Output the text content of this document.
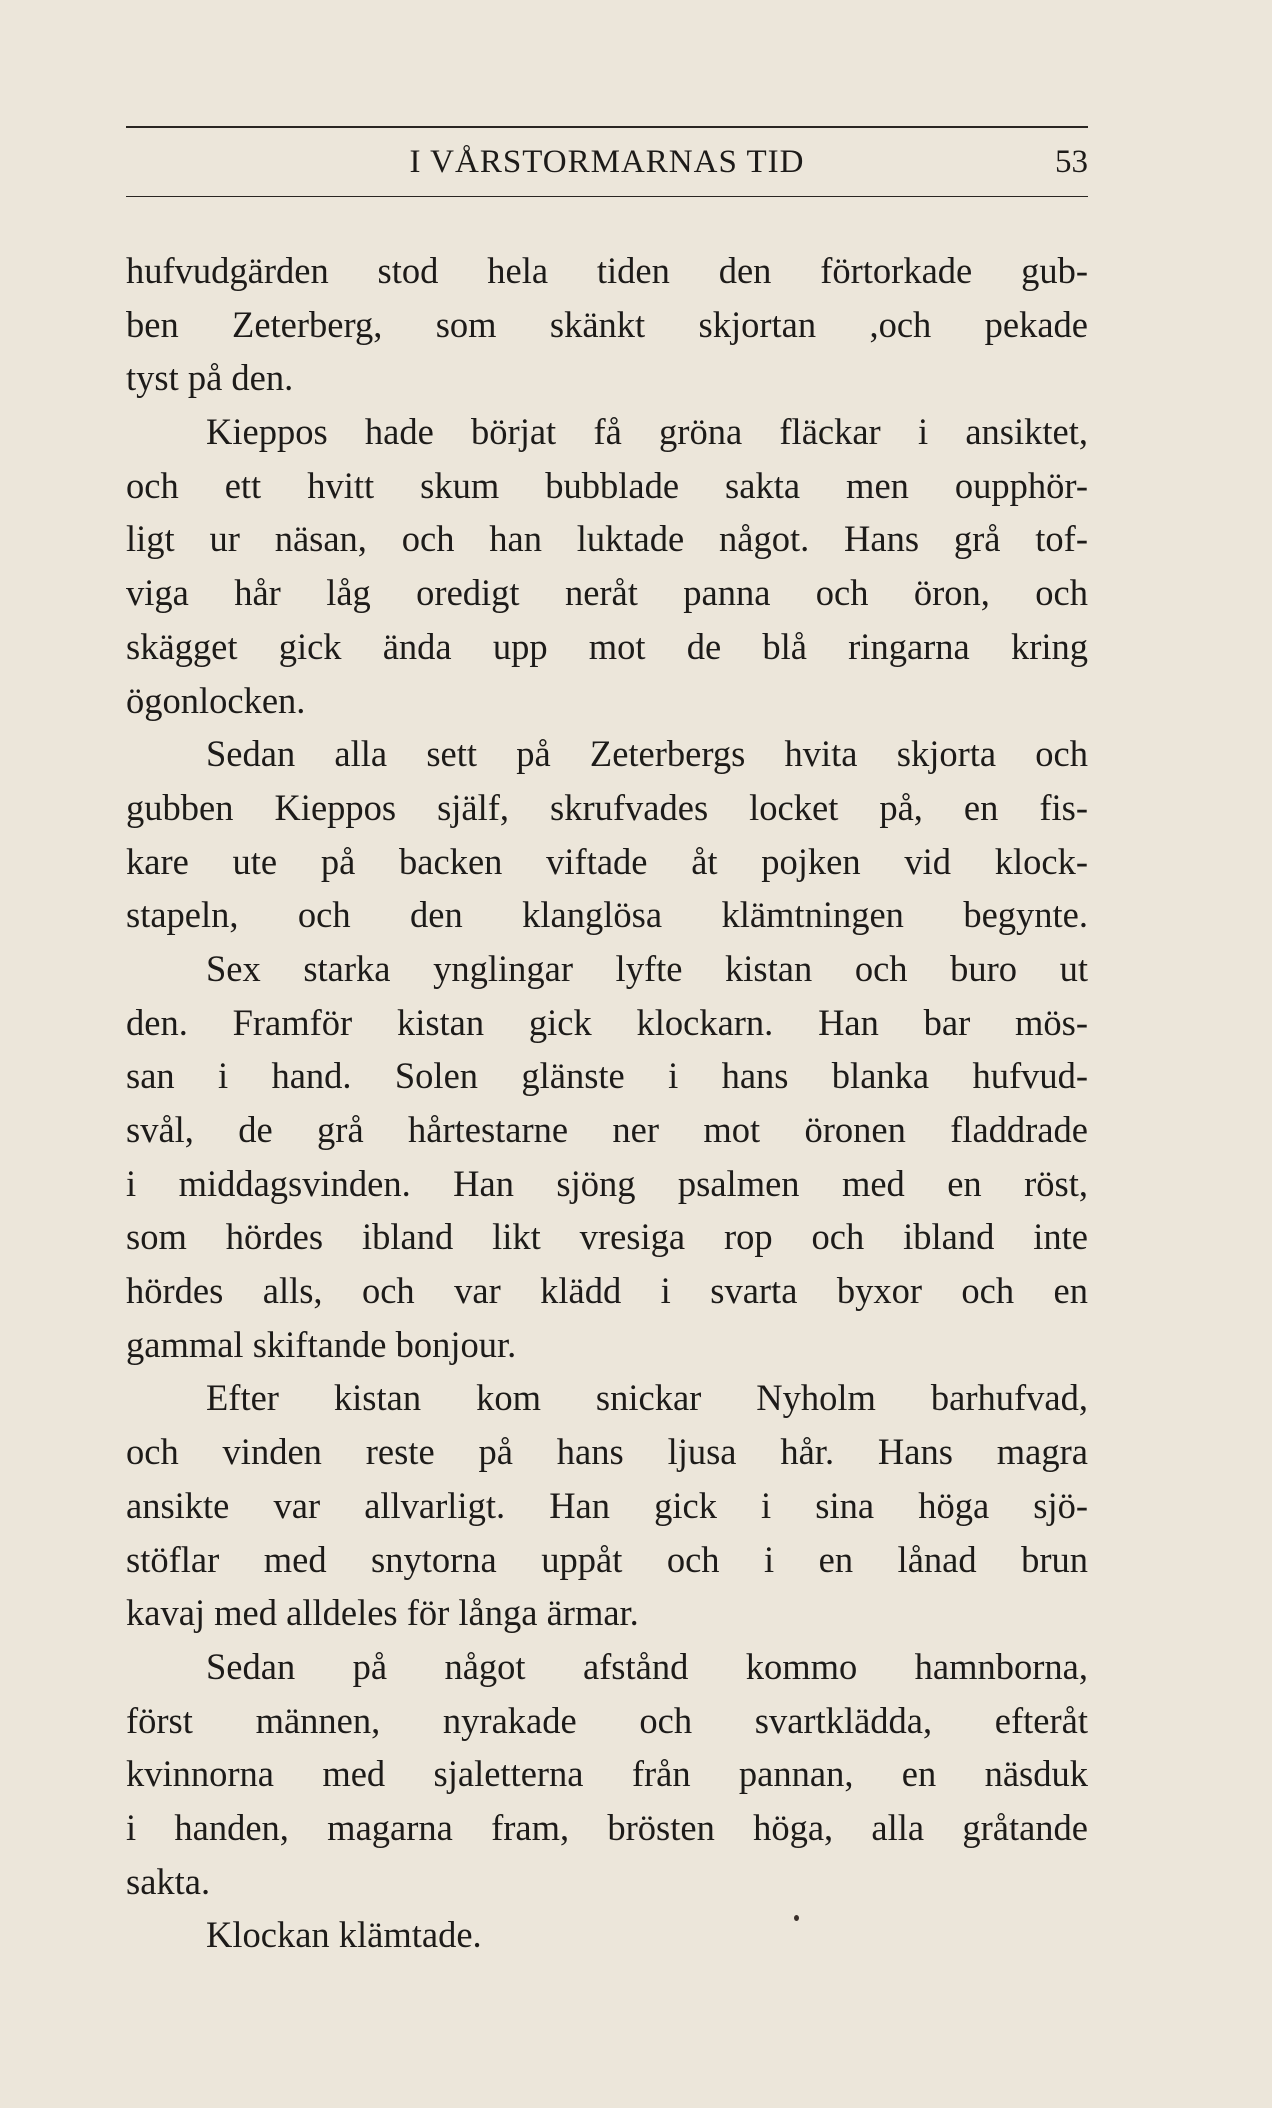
I VÅRSTORMARNAS TID	53
hufvudgärden stod hela tiden den förtorkade gub-
ben Zeterberg, som skänkt skjortan ,och pekade
tyst på den.
Kieppos hade börjat få gröna fläckar i ansiktet,
och ett hvitt skum bubblade sakta men oupphör-
ligt ur näsan, och han luktade något. Hans grå tof-
viga hår låg oredigt neråt panna och öron, och
skägget gick ända upp mot de blå ringarna kring
ögonlocken.
Sedan alla sett på Zeterbergs hvita skjorta och
gubben Kieppos själf, skrufvades locket på, en fis-
kare ute på backen viftade åt pojken vid klock-
stapeln, och den klanglösa klämtningen begynte.
Sex starka ynglingar lyfte kistan och buro ut
den. Framför kistan gick klockarn. Han bar mös-
san i hand. Solen glänste i hans blanka hufvud-
svål, de grå hårtestarne ner mot öronen fladdrade
i middagsvinden. Han sjöng psalmen med en röst,
som hördes ibland likt vresiga rop och ibland inte
hördes alls, och var klädd i svarta byxor och en
gammal skiftande bonjour.
Efter kistan kom snickar Nyholm barhufvad,
och vinden reste på hans ljusa hår. Hans magra
ansikte var allvarligt. Han gick i sina höga sjö-
stöflar med snytorna uppåt och i en lånad brun
kavaj med alldeles för långa ärmar.
Sedan på något afstånd kommo hamnborna,
först männen, nyrakade och svartklädda, efteråt
kvinnorna med sjaletterna från pannan, en näsduk
i handen, magarna fram, brösten höga, alla gråtande
sakta.
Klockan klämtade.
